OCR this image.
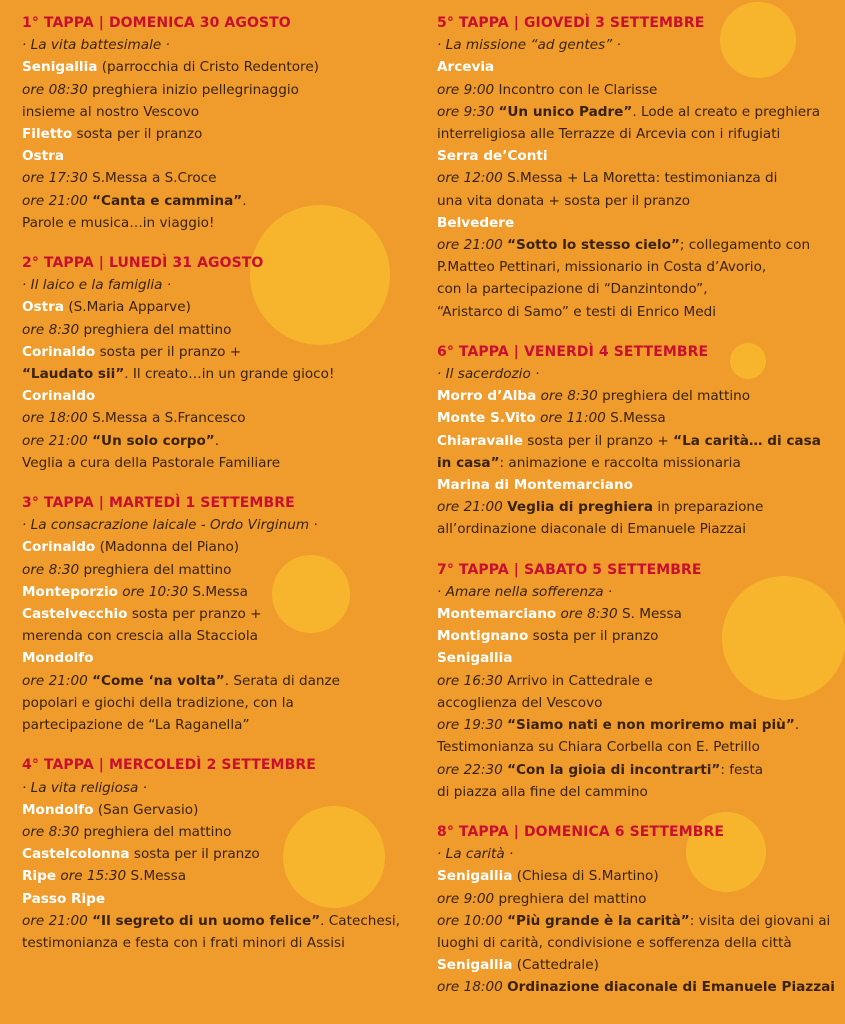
1° TAPPA | DOMENICA 30 AGOSTO
· La vita battesimale ·
Senigallia (parrocchia di Cristo Redentore)
ore 08:30 preghiera inizio pellegrinaggio
insieme al nostro Vescovo
Filetto sosta per il pranzo
Ostra
ore 17:30 S.Messa a S.Croce
ore 21:00 “Canta e cammina”.
Parole e musica…in viaggio!
2° TAPPA | LUNEDÌ 31 AGOSTO
· Il laico e la famiglia ·
Ostra (S.Maria Apparve)
ore 8:30 preghiera del mattino
Corinaldo sosta per il pranzo +
“Laudato sii”. Il creato…in un grande gioco!
Corinaldo
ore 18:00 S.Messa a S.Francesco
ore 21:00 “Un solo corpo”.
Veglia a cura della Pastorale Familiare
3° TAPPA | MARTEDÌ 1 SETTEMBRE
· La consacrazione laicale - Ordo Virginum ·
Corinaldo (Madonna del Piano)
ore 8:30 preghiera del mattino
Monteporzio ore 10:30 S.Messa
Castelvecchio sosta per pranzo +
merenda con crescia alla Stacciola
Mondolfo
ore 21:00 “Come ‘na volta”. Serata di danze
popolari e giochi della tradizione, con la
partecipazione de “La Raganella”
4° TAPPA | MERCOLEDÌ 2 SETTEMBRE
· La vita religiosa ·
Mondolfo (San Gervasio)
ore 8:30 preghiera del mattino
Castelcolonna sosta per il pranzo
Ripe ore 15:30 S.Messa
Passo Ripe
ore 21:00 “Il segreto di un uomo felice”. Catechesi,
testimonianza e festa con i frati minori di Assisi
5° TAPPA | GIOVEDÌ 3 SETTEMBRE
· La missione “ad gentes” ·
Arcevia
ore 9:00 Incontro con le Clarisse
ore 9:30 “Un unico Padre”. Lode al creato e preghiera
interreligiosa alle Terrazze di Arcevia con i rifugiati
Serra de’Conti
ore 12:00 S.Messa + La Moretta: testimonianza di
una vita donata + sosta per il pranzo
Belvedere
ore 21:00 “Sotto lo stesso cielo”; collegamento con
P.Matteo Pettinari, missionario in Costa d’Avorio,
con la partecipazione di “Danzintondo”,
“Aristarco di Samo” e testi di Enrico Medi
6° TAPPA | VENERDÌ 4 SETTEMBRE
· Il sacerdozio ·
Morro d’Alba ore 8:30 preghiera del mattino
Monte S.Vito ore 11:00 S.Messa
Chiaravalle sosta per il pranzo + “La carità… di casa
in casa”: animazione e raccolta missionaria
Marina di Montemarciano
ore 21:00 Veglia di preghiera in preparazione
all’ordinazione diaconale di Emanuele Piazzai
7° TAPPA | SABATO 5 SETTEMBRE
· Amare nella sofferenza ·
Montemarciano ore 8:30 S. Messa
Montignano sosta per il pranzo
Senigallia
ore 16:30 Arrivo in Cattedrale e
accoglienza del Vescovo
ore 19:30 “Siamo nati e non moriremo mai più”.
Testimonianza su Chiara Corbella con E. Petrillo
ore 22:30 “Con la gioia di incontrarti”: festa
di piazza alla fine del cammino
8° TAPPA | DOMENICA 6 SETTEMBRE
· La carità ·
Senigallia (Chiesa di S.Martino)
ore 9:00 preghiera del mattino
ore 10:00 “Più grande è la carità”: visita dei giovani ai
luoghi di carità, condivisione e sofferenza della città
Senigallia (Cattedrale)
ore 18:00 Ordinazione diaconale di Emanuele Piazzai
